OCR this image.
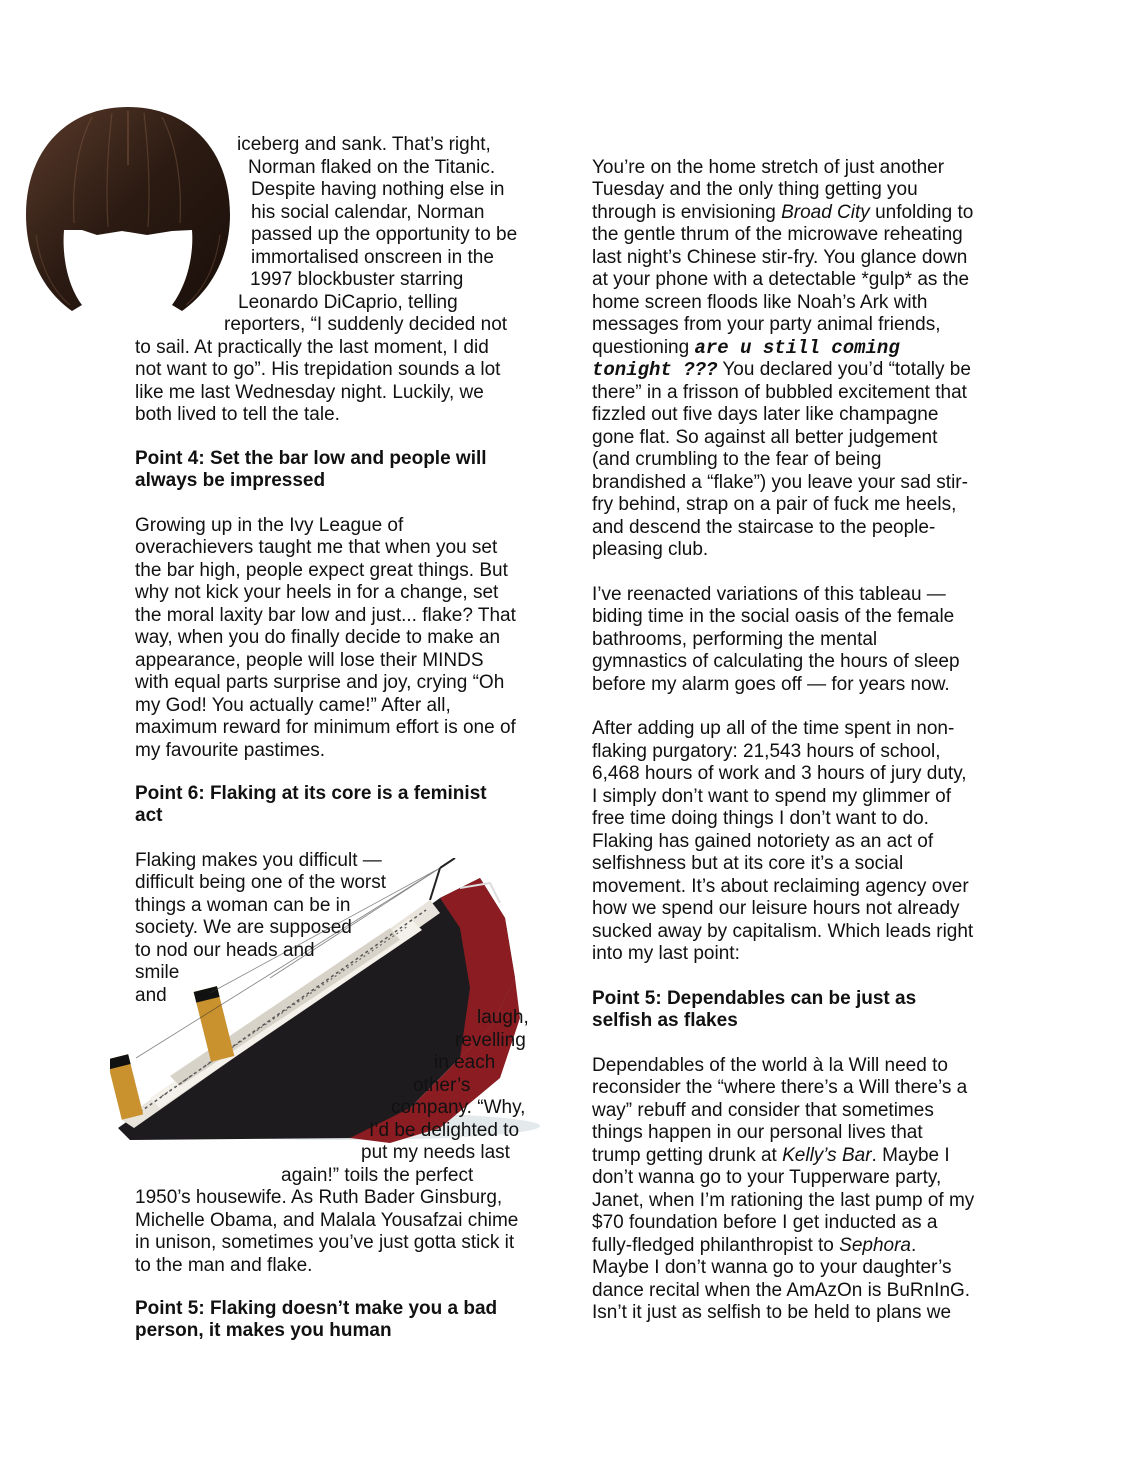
iceberg and sank. That’s right,
Norman flaked on the Titanic.
Despite having nothing else in
his social calendar, Norman
passed up the opportunity to be
immortalised onscreen in the
1997 blockbuster starring
Leonardo DiCaprio, telling
reporters, “I suddenly decided not
to sail. At practically the last moment, I did
not want to go”. His trepidation sounds a lot
like me last Wednesday night. Luckily, we
both lived to tell the tale.
Point 4: Set the bar low and people will
always be impressed
Growing up in the Ivy League of
overachievers taught me that when you set
the bar high, people expect great things. But
why not kick your heels in for a change, set
the moral laxity bar low and just... flake? That
way, when you do finally decide to make an
appearance, people will lose their MINDS
with equal parts surprise and joy, crying “Oh
my God! You actually came!” After all,
maximum reward for minimum effort is one of
my favourite pastimes.
Point 6: Flaking at its core is a feminist
act
Flaking makes you difficult —
difficult being one of the worst
things a woman can be in
society. We are supposed
to nod our heads and
smile
and
laugh,
revelling
in each
other’s
company. “Why,
I’d be delighted to
put my needs last
again!” toils the perfect
1950’s housewife. As Ruth Bader Ginsburg,
Michelle Obama, and Malala Yousafzai chime
in unison, sometimes you’ve just gotta stick it
to the man and flake.
Point 5: Flaking doesn’t make you a bad
person, it makes you human
You’re on the home stretch of just another
Tuesday and the only thing getting you
through is envisioning Broad City unfolding to
the gentle thrum of the microwave reheating
last night’s Chinese stir-fry. You glance down
at your phone with a detectable *gulp* as the
home screen floods like Noah’s Ark with
messages from your party animal friends,
questioning are u still coming
tonight ??? You declared you’d “totally be
there” in a frisson of bubbled excitement that
fizzled out five days later like champagne
gone flat. So against all better judgement
(and crumbling to the fear of being
brandished a “flake”) you leave your sad stir-
fry behind, strap on a pair of fuck me heels,
and descend the staircase to the people-
pleasing club.
I’ve reenacted variations of this tableau —
biding time in the social oasis of the female
bathrooms, performing the mental
gymnastics of calculating the hours of sleep
before my alarm goes off — for years now.
After adding up all of the time spent in non-
flaking purgatory: 21,543 hours of school,
6,468 hours of work and 3 hours of jury duty,
I simply don’t want to spend my glimmer of
free time doing things I don’t want to do.
Flaking has gained notoriety as an act of
selfishness but at its core it’s a social
movement. It’s about reclaiming agency over
how we spend our leisure hours not already
sucked away by capitalism. Which leads right
into my last point:
Point 5: Dependables can be just as
selfish as flakes
Dependables of the world à la Will need to
reconsider the “where there’s a Will there’s a
way” rebuff and consider that sometimes
things happen in our personal lives that
trump getting drunk at Kelly’s Bar. Maybe I
don’t wanna go to your Tupperware party,
Janet, when I’m rationing the last pump of my
$70 foundation before I get inducted as a
fully-fledged philanthropist to Sephora.
Maybe I don’t wanna go to your daughter’s
dance recital when the AmAzOn is BuRnInG.
Isn’t it just as selfish to be held to plans we
